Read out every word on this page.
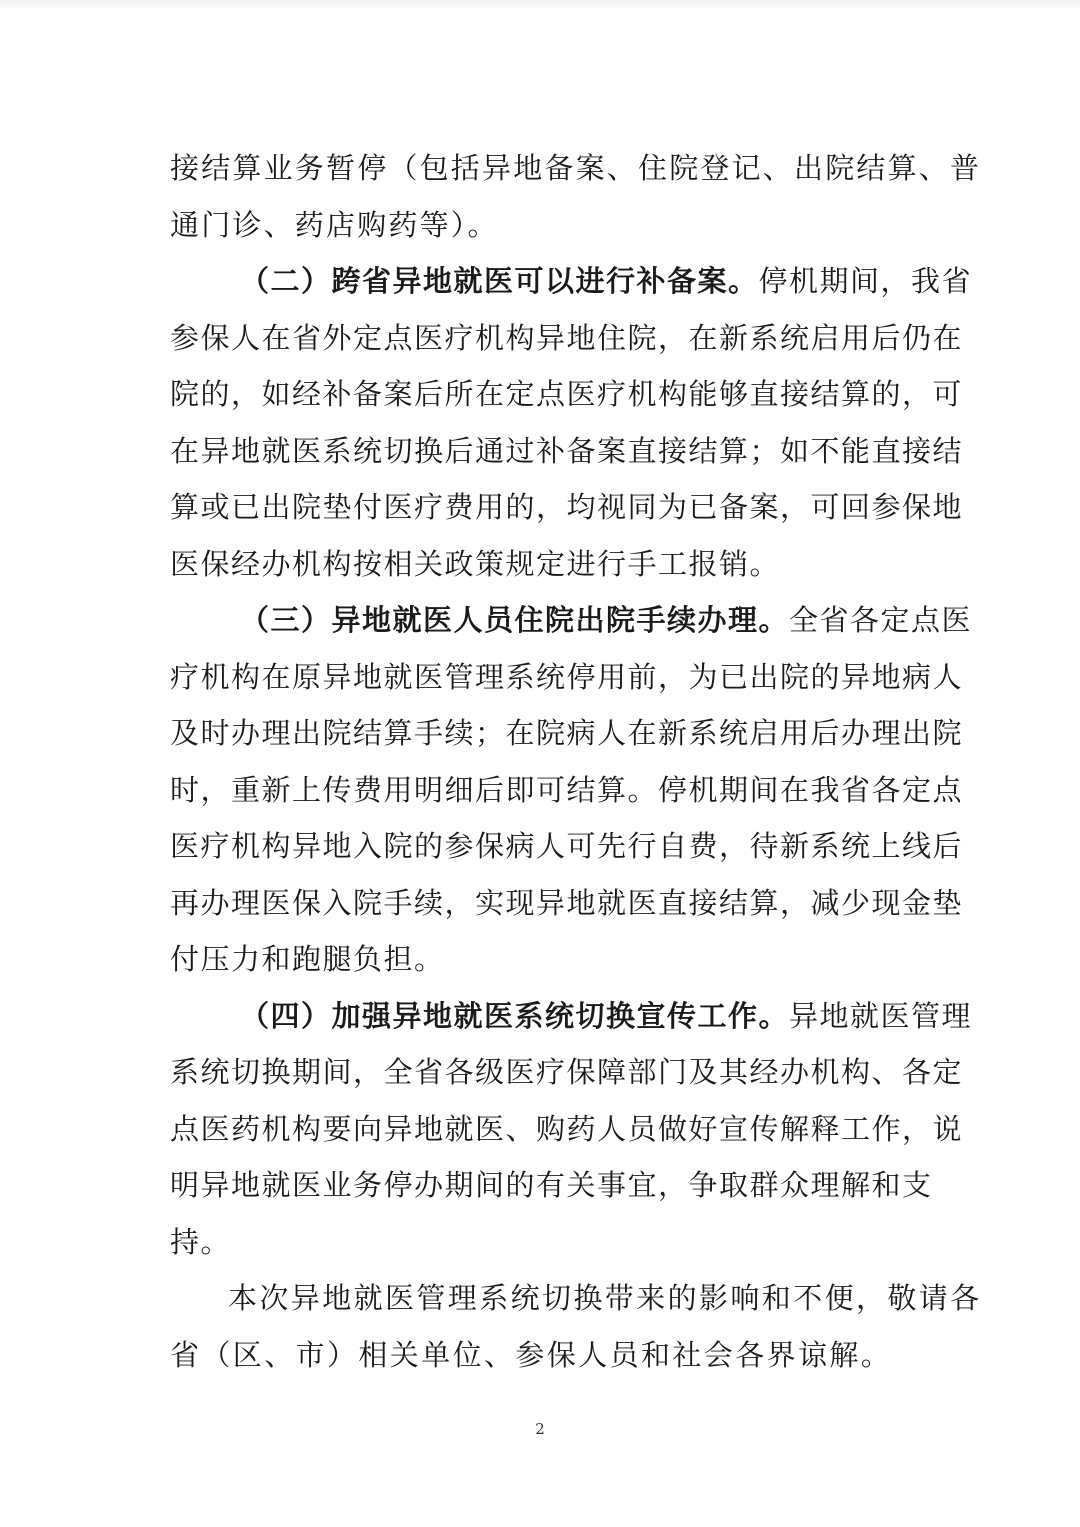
接结算业务暂停（包括异地备案、住院登记、出院结算、普
通门诊、药店购药等）。
（二）跨省异地就医可以进行补备案。停机期间，我省
参保人在省外定点医疗机构异地住院，在新系统启用后仍在
院的，如经补备案后所在定点医疗机构能够直接结算的，可
在异地就医系统切换后通过补备案直接结算；如不能直接结
算或已出院垫付医疗费用的，均视同为已备案，可回参保地
医保经办机构按相关政策规定进行手工报销。
（三）异地就医人员住院出院手续办理。全省各定点医
疗机构在原异地就医管理系统停用前，为已出院的异地病人
及时办理出院结算手续；在院病人在新系统启用后办理出院
时，重新上传费用明细后即可结算。停机期间在我省各定点
医疗机构异地入院的参保病人可先行自费，待新系统上线后
再办理医保入院手续，实现异地就医直接结算，减少现金垫
付压力和跑腿负担。
（四）加强异地就医系统切换宣传工作。异地就医管理
系统切换期间，全省各级医疗保障部门及其经办机构、各定
点医药机构要向异地就医、购药人员做好宣传解释工作，说
明异地就医业务停办期间的有关事宜，争取群众理解和支
持。
本次异地就医管理系统切换带来的影响和不便，敬请各
省（区、市）相关单位、参保人员和社会各界谅解。
2
